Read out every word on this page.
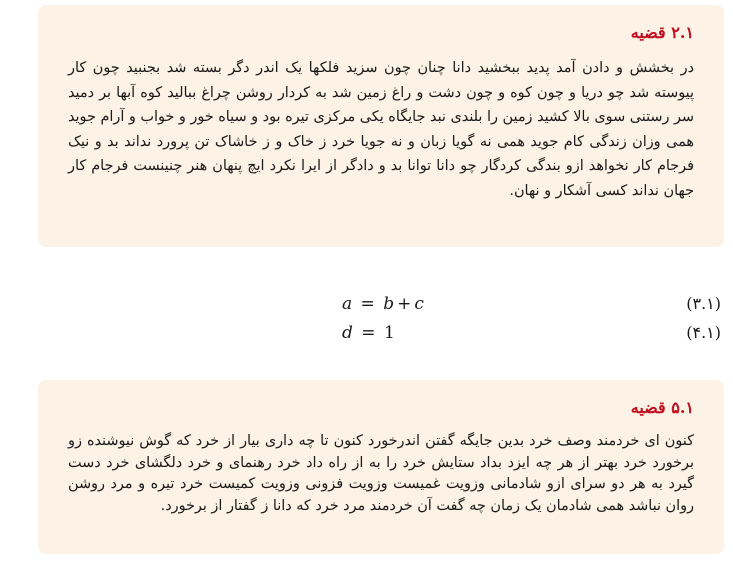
۲.۱ قضیه
در بخشش و دادن آمد پدید ببخشید دانا چنان چون سزید فلکها یک اندر دگر بسته شد بجنبید چون کار پیوسته شد چو دریا و چون کوه و چون دشت و راغ زمین شد به کردار روشن چراغ ببالید کوه آبها بر دمید سر رستنی سوی بالا کشید زمین را بلندی نبد جایگاه یکی مرکزی تیره بود و سیاه خور و خواب و آرام جوید همی وزان زندگی کام جوید همی نه گویا زبان و نه جویا خرد ز خاک و ز خاشاک تن پرورد نداند بد و نیک فرجام کار نخواهد ازو بندگی کردگار چو دانا توانا بد و دادگر از ایرا نکرد ایچ پنهان هنر چنینست فرجام کار جهان نداند کسی آشکار و نهان.
a = b + c	(۳.۱)
d = 1	(۴.۱)
۵.۱ قضیه
کنون ای خردمند وصف خرد بدین جایگه گفتن اندرخورد کنون تا چه داری بیار از خرد که گوش نیوشنده زو برخورد خرد بهتر از هر چه ایزد بداد ستایش خرد را به از راه داد خرد رهنمای و خرد دلگشای خرد دست گیرد به هر دو سرای ازو شادمانی وزویت غمیست وزویت فزونی وزویت کمیست خرد تیره و مرد روشن روان نباشد همی شادمان یک زمان چه گفت آن خردمند مرد خرد که دانا ز گفتار از برخورد.
